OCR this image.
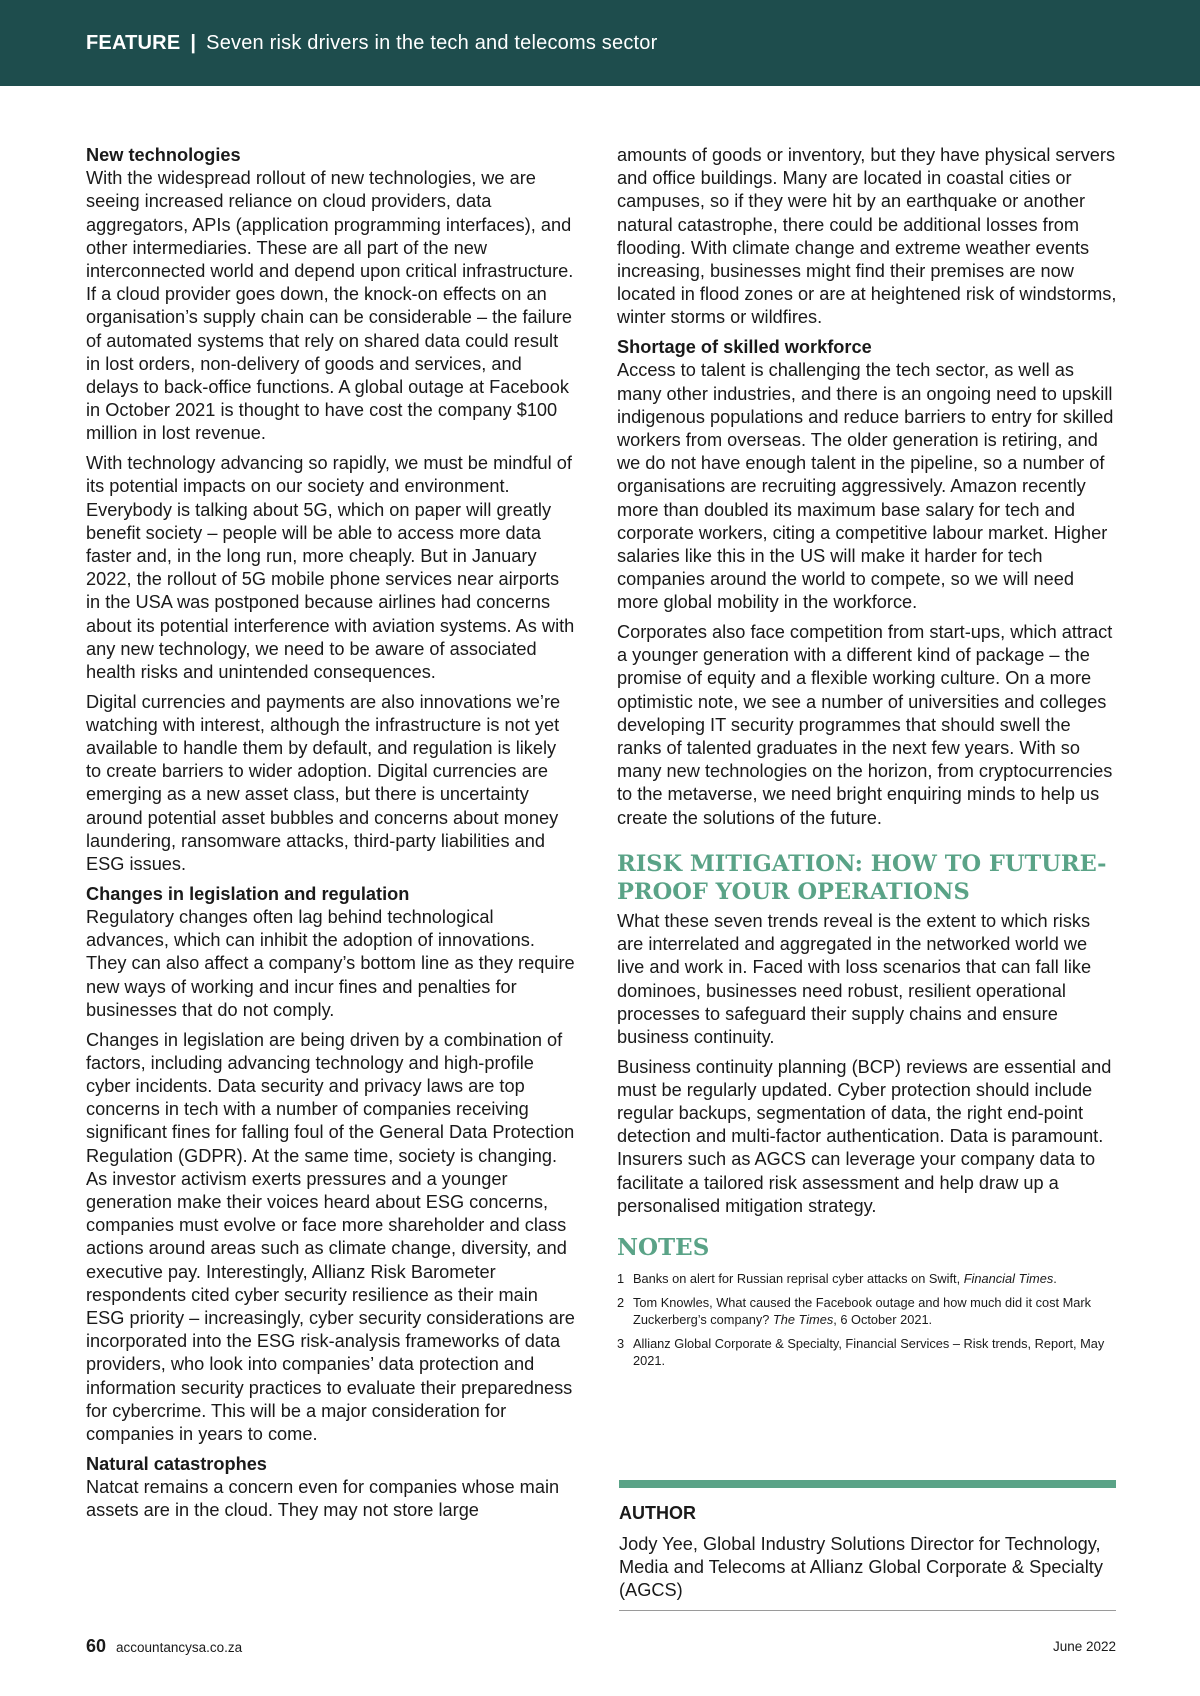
FEATURE | Seven risk drivers in the tech and telecoms sector
New technologies

With the widespread rollout of new technologies, we are seeing increased reliance on cloud providers, data aggregators, APIs (application programming interfaces), and other intermediaries. These are all part of the new interconnected world and depend upon critical infrastructure. If a cloud provider goes down, the knock-on effects on an organisation’s supply chain can be considerable – the failure of automated systems that rely on shared data could result in lost orders, non-delivery of goods and services, and delays to back-office functions. A global outage at Facebook in October 2021 is thought to have cost the company $100 million in lost revenue.

With technology advancing so rapidly, we must be mindful of its potential impacts on our society and environment. Everybody is talking about 5G, which on paper will greatly benefit society – people will be able to access more data faster and, in the long run, more cheaply. But in January 2022, the rollout of 5G mobile phone services near airports in the USA was postponed because airlines had concerns about its potential interference with aviation systems. As with any new technology, we need to be aware of associated health risks and unintended consequences.

Digital currencies and payments are also innovations we’re watching with interest, although the infrastructure is not yet available to handle them by default, and regulation is likely to create barriers to wider adoption. Digital currencies are emerging as a new asset class, but there is uncertainty around potential asset bubbles and concerns about money laundering, ransomware attacks, third-party liabilities and ESG issues.

Changes in legislation and regulation

Regulatory changes often lag behind technological advances, which can inhibit the adoption of innovations. They can also affect a company’s bottom line as they require new ways of working and incur fines and penalties for businesses that do not comply.

Changes in legislation are being driven by a combination of factors, including advancing technology and high-profile cyber incidents. Data security and privacy laws are top concerns in tech with a number of companies receiving significant fines for falling foul of the General Data Protection Regulation (GDPR). At the same time, society is changing. As investor activism exerts pressures and a younger generation make their voices heard about ESG concerns, companies must evolve or face more shareholder and class actions around areas such as climate change, diversity, and executive pay. Interestingly, Allianz Risk Barometer respondents cited cyber security resilience as their main ESG priority – increasingly, cyber security considerations are incorporated into the ESG risk-analysis frameworks of data providers, who look into companies’ data protection and information security practices to evaluate their preparedness for cybercrime. This will be a major consideration for companies in years to come.

Natural catastrophes

Natcat remains a concern even for companies whose main assets are in the cloud. They may not store large

amounts of goods or inventory, but they have physical servers and office buildings. Many are located in coastal cities or campuses, so if they were hit by an earthquake or another natural catastrophe, there could be additional losses from flooding. With climate change and extreme weather events increasing, businesses might find their premises are now located in flood zones or are at heightened risk of windstorms, winter storms or wildfires.

Shortage of skilled workforce

Access to talent is challenging the tech sector, as well as many other industries, and there is an ongoing need to upskill indigenous populations and reduce barriers to entry for skilled workers from overseas. The older generation is retiring, and we do not have enough talent in the pipeline, so a number of organisations are recruiting aggressively. Amazon recently more than doubled its maximum base salary for tech and corporate workers, citing a competitive labour market. Higher salaries like this in the US will make it harder for tech companies around the world to compete, so we will need more global mobility in the workforce.

Corporates also face competition from start-ups, which attract a younger generation with a different kind of package – the promise of equity and a flexible working culture. On a more optimistic note, we see a number of universities and colleges developing IT security programmes that should swell the ranks of talented graduates in the next few years. With so many new technologies on the horizon, from cryptocurrencies to the metaverse, we need bright enquiring minds to help us create the solutions of the future.

RISK MITIGATION: HOW TO FUTURE-PROOF YOUR OPERATIONS

What these seven trends reveal is the extent to which risks are interrelated and aggregated in the networked world we live and work in. Faced with loss scenarios that can fall like dominoes, businesses need robust, resilient operational processes to safeguard their supply chains and ensure business continuity.

Business continuity planning (BCP) reviews are essential and must be regularly updated. Cyber protection should include regular backups, segmentation of data, the right end-point detection and multi-factor authentication. Data is paramount. Insurers such as AGCS can leverage your company data to facilitate a tailored risk assessment and help draw up a personalised mitigation strategy.

NOTES
1 Banks on alert for Russian reprisal cyber attacks on Swift, Financial Times.
2 Tom Knowles, What caused the Facebook outage and how much did it cost Mark Zuckerberg’s company? The Times, 6 October 2021.
3 Allianz Global Corporate & Specialty, Financial Services – Risk trends, Report, May 2021.
AUTHOR

Jody Yee, Global Industry Solutions Director for Technology, Media and Telecoms at Allianz Global Corporate & Specialty (AGCS)

60 accountancysa.co.za	June 2022
